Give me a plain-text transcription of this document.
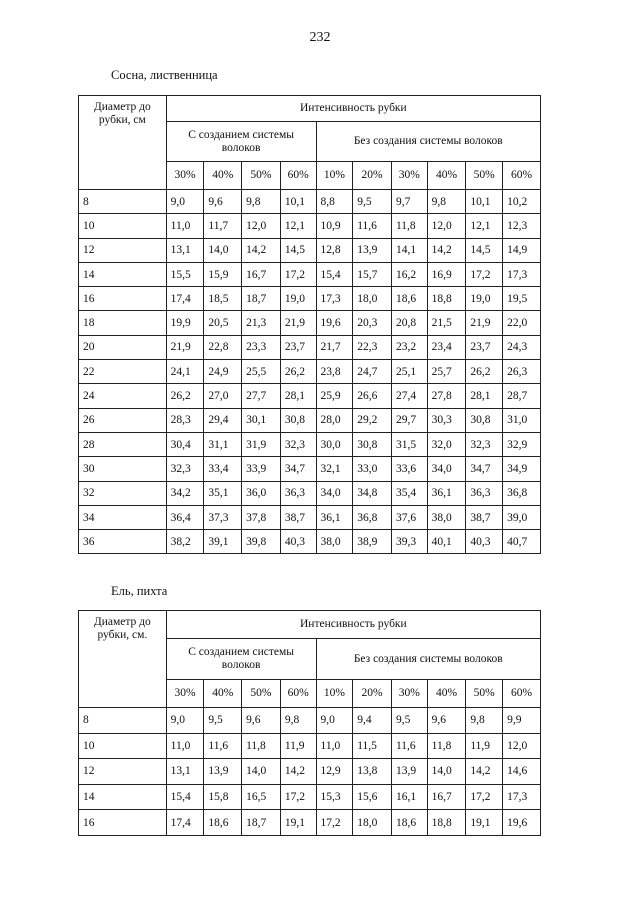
232
Сосна, лиственница
Диаметр до рубки, см	Интенсивность рубки									
	С созданием системы волоков				Без создания системы волоков					
	30%	40%	50%	60%	10%	20%	30%	40%	50%	60%
8	9,0	9,6	9,8	10,1	8,8	9,5	9,7	9,8	10,1	10,2
10	11,0	11,7	12,0	12,1	10,9	11,6	11,8	12,0	12,1	12,3
12	13,1	14,0	14,2	14,5	12,8	13,9	14,1	14,2	14,5	14,9
14	15,5	15,9	16,7	17,2	15,4	15,7	16,2	16,9	17,2	17,3
16	17,4	18,5	18,7	19,0	17,3	18,0	18,6	18,8	19,0	19,5
18	19,9	20,5	21,3	21,9	19,6	20,3	20,8	21,5	21,9	22,0
20	21,9	22,8	23,3	23,7	21,7	22,3	23,2	23,4	23,7	24,3
22	24,1	24,9	25,5	26,2	23,8	24,7	25,1	25,7	26,2	26,3
24	26,2	27,0	27,7	28,1	25,9	26,6	27,4	27,8	28,1	28,7
26	28,3	29,4	30,1	30,8	28,0	29,2	29,7	30,3	30,8	31,0
28	30,4	31,1	31,9	32,3	30,0	30,8	31,5	32,0	32,3	32,9
30	32,3	33,4	33,9	34,7	32,1	33,0	33,6	34,0	34,7	34,9
32	34,2	35,1	36,0	36,3	34,0	34,8	35,4	36,1	36,3	36,8
34	36,4	37,3	37,8	38,7	36,1	36,8	37,6	38,0	38,7	39,0
36	38,2	39,1	39,8	40,3	38,0	38,9	39,3	40,1	40,3	40,7
Ель, пихта
Диаметр до рубки, см.	Интенсивность рубки									
	С созданием системы волоков				Без создания системы волоков					
	30%	40%	50%	60%	10%	20%	30%	40%	50%	60%
8	9,0	9,5	9,6	9,8	9,0	9,4	9,5	9,6	9,8	9,9
10	11,0	11,6	11,8	11,9	11,0	11,5	11,6	11,8	11,9	12,0
12	13,1	13,9	14,0	14,2	12,9	13,8	13,9	14,0	14,2	14,6
14	15,4	15,8	16,5	17,2	15,3	15,6	16,1	16,7	17,2	17,3
16	17,4	18,6	18,7	19,1	17,2	18,0	18,6	18,8	19,1	19,6
